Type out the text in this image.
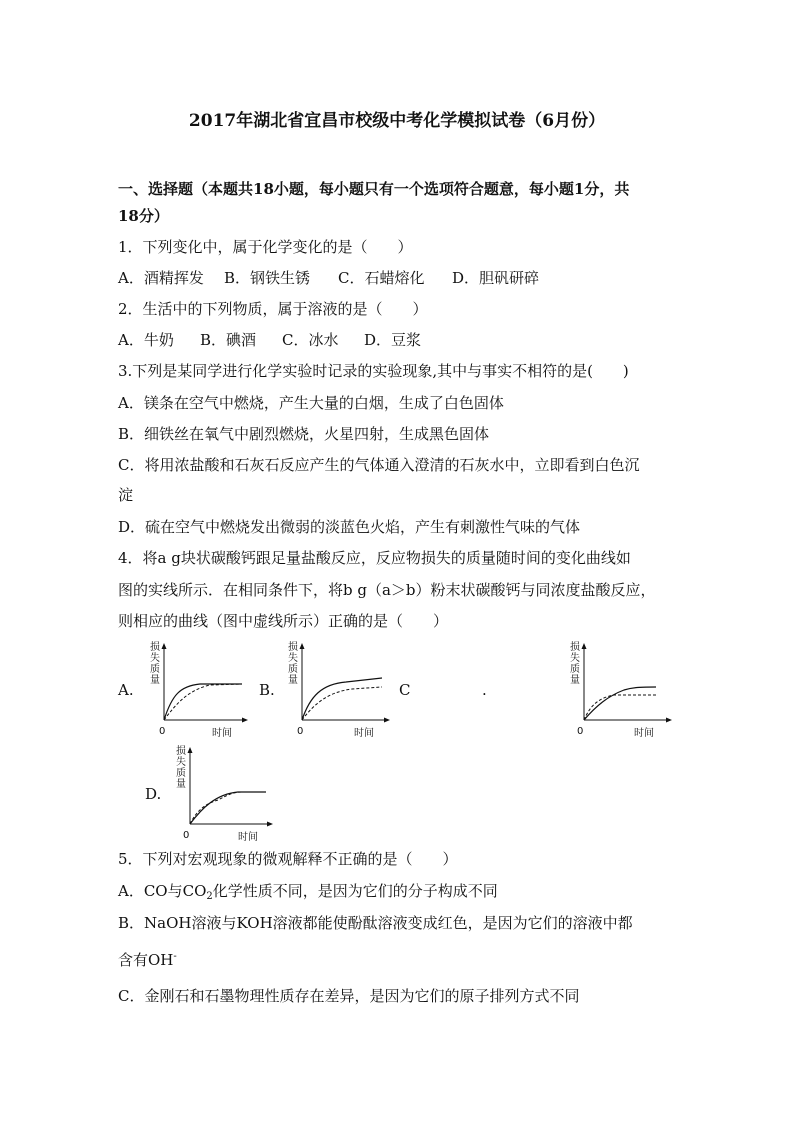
2017年湖北省宜昌市校级中考化学模拟试卷（6月份）
一、选择题（本题共18小题，每小题只有一个选项符合题意，每小题1分，共
18分）
1．下列变化中，属于化学变化的是（　　）
A．酒精挥发 B．钢铁生锈 C．石蜡熔化 D．胆矾研碎
2．生活中的下列物质，属于溶液的是（　　）
A．牛奶 B．碘酒 C．冰水 D．豆浆
3.下列是某同学进行化学实验时记录的实验现象,其中与事实不相符的是(　　)
A．镁条在空气中燃烧，产生大量的白烟，生成了白色固体
B．细铁丝在氧气中剧烈燃烧，火星四射，生成黑色固体
C．将用浓盐酸和石灰石反应产生的气体通入澄清的石灰水中，立即看到白色沉
淀
D．硫在空气中燃烧发出微弱的淡蓝色火焰，产生有刺激性气味的气体
4．将a g块状碳酸钙跟足量盐酸反应，反应物损失的质量随时间的变化曲线如
图的实线所示．在相同条件下，将b g（a＞b）粉末状碳酸钙与同浓度盐酸反应，
则相应的曲线（图中虚线所示）正确的是（　　）
A.	B.	C	.
D.
损
失
质
量
0	时间
损
失
质
量
0	时间
损
失
质
量
0	时间
损
失
质
量
0	时间
5．下列对宏观现象的微观解释不正确的是（　　）
A．CO与$CO_2$化学性质不同，是因为它们的分子构成不同
B．NaOH溶液与KOH溶液都能使酚酞溶液变成红色，是因为它们的溶液中都
含有OH-
C．金刚石和石墨物理性质存在差异，是因为它们的原子排列方式不同
